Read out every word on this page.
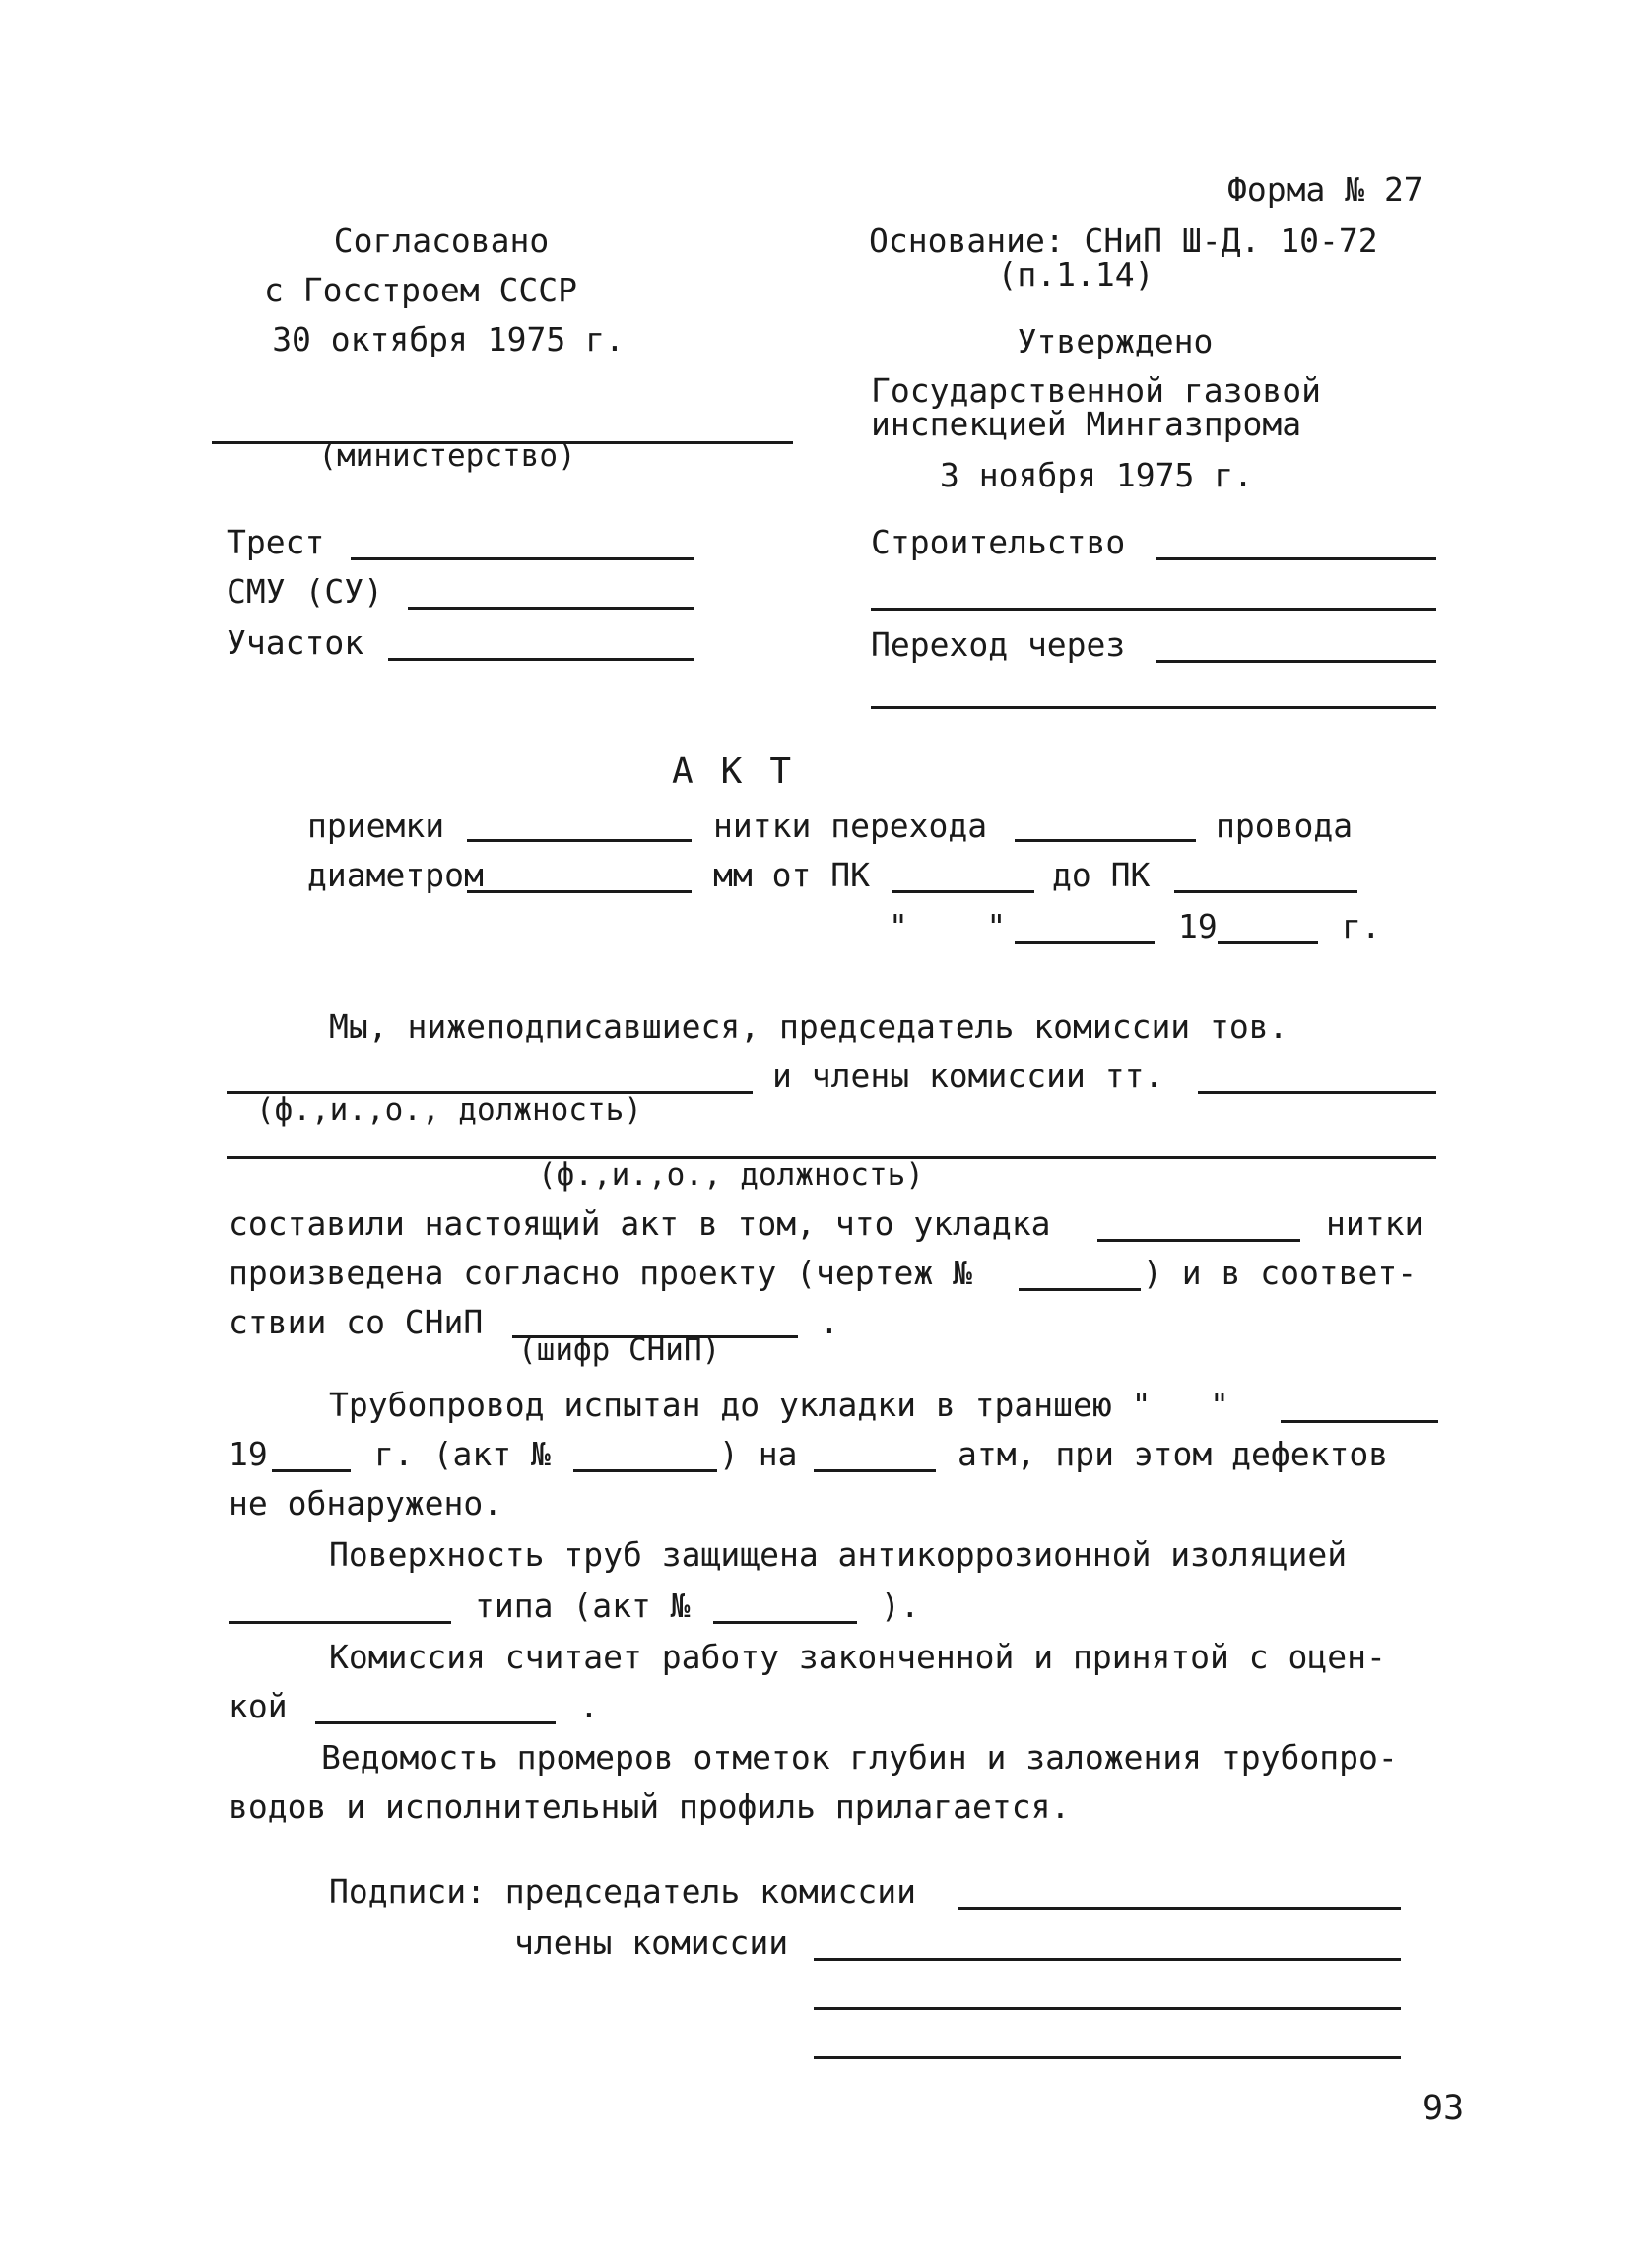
Форма № 27
Согласовано
с Госстроем СССР
30 октября 1975 г.
Основание: СНиП Ш-Д. 10-72
(п.1.14)
Утверждено
Государственной газовой
инспекцией Мингазпрома
3 ноября 1975 г.
(министерство)
Трест
СМУ (СУ)
Участок
Строительство
Переход через
АКТ
приемки	нитки перехода	провода
диаметром	мм от ПК	до ПК
"    "	19	г.
Мы, нижеподписавшиеся, председатель комиссии тов.
и члены комиссии тт.
(ф.,и.,о., должность)
(ф.,и.,о., должность)
составили настоящий акт в том, что укладка	нитки
произведена согласно проекту (чертеж №	) и в соответ-
ствии со СНиП	.
(шифр СНиП)
Трубопровод испытан до укладки в траншею "   "
19	г. (акт №	) на	атм, при этом дефектов
не обнаружено.
Поверхность труб защищена антикоррозионной изоляцией
типа (акт №	).
Комиссия считает работу законченной и принятой с оцен-
кой	.
Ведомость промеров отметок глубин и заложения трубопро-
водов и исполнительный профиль прилагается.
Подписи: председатель комиссии
члены комиссии
93
